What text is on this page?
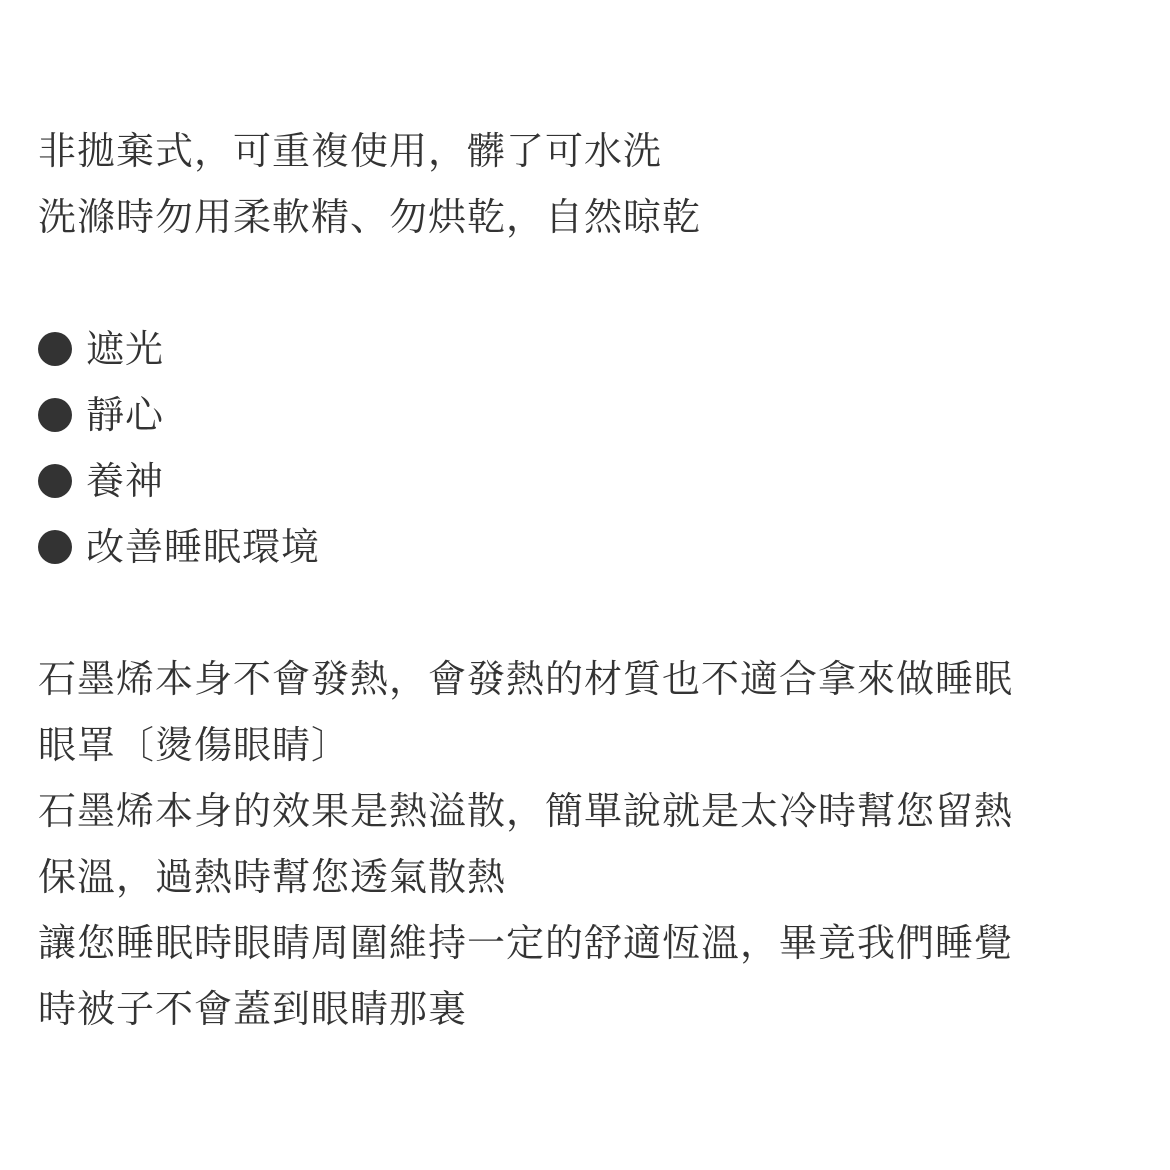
非拋棄式，可重複使用，髒了可水洗
洗滌時勿用柔軟精、勿烘乾，自然晾乾
遮光
靜心
養神
改善睡眠環境
石墨烯本身不會發熱，會發熱的材質也不適合拿來做睡眠
眼罩〔燙傷眼睛〕
石墨烯本身的效果是熱溢散，簡單說就是太冷時幫您留熱
保溫，過熱時幫您透氣散熱
讓您睡眠時眼睛周圍維持一定的舒適恆溫，畢竟我們睡覺
時被子不會蓋到眼睛那裏
